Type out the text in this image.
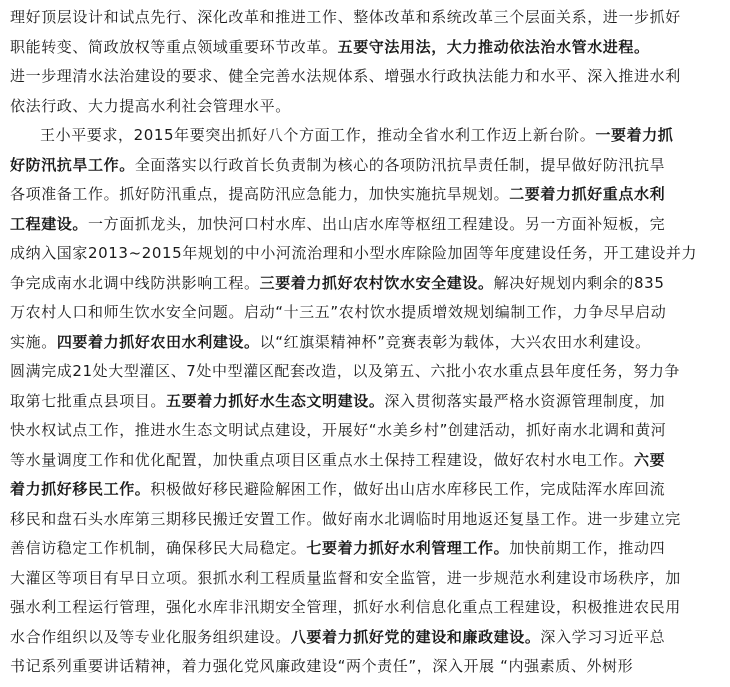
理好顶层设计和试点先行、深化改革和推进工作、整体改革和系统改革三个层面关系，进一步抓好
职能转变、简政放权等重点领域重要环节改革。五要守法用法，大力推动依法治水管水进程。
进一步理清水法治建设的要求、健全完善水法规体系、增强水行政执法能力和水平、深入推进水利
依法行政、大力提高水利社会管理水平。
王小平要求，2015年要突出抓好八个方面工作，推动全省水利工作迈上新台阶。一要着力抓
好防汛抗旱工作。全面落实以行政首长负责制为核心的各项防汛抗旱责任制，提早做好防汛抗旱
各项准备工作。抓好防汛重点，提高防汛应急能力，加快实施抗旱规划。二要着力抓好重点水利
工程建设。一方面抓龙头，加快河口村水库、出山店水库等枢纽工程建设。另一方面补短板，完
成纳入国家2013~2015年规划的中小河流治理和小型水库除险加固等年度建设任务，开工建设并力
争完成南水北调中线防洪影响工程。三要着力抓好农村饮水安全建设。解决好规划内剩余的835
万农村人口和师生饮水安全问题。启动“十三五”农村饮水提质增效规划编制工作，力争尽早启动
实施。四要着力抓好农田水利建设。以“红旗渠精神杯”竞赛表彰为载体，大兴农田水利建设。
圆满完成21处大型灌区、7处中型灌区配套改造，以及第五、六批小农水重点县年度任务，努力争
取第七批重点县项目。五要着力抓好水生态文明建设。深入贯彻落实最严格水资源管理制度，加
快水权试点工作，推进水生态文明试点建设，开展好“水美乡村”创建活动，抓好南水北调和黄河
等水量调度工作和优化配置，加快重点项目区重点水土保持工程建设，做好农村水电工作。六要
着力抓好移民工作。积极做好移民避险解困工作，做好出山店水库移民工作，完成陆浑水库回流
移民和盘石头水库第三期移民搬迁安置工作。做好南水北调临时用地返还复垦工作。进一步建立完
善信访稳定工作机制，确保移民大局稳定。七要着力抓好水利管理工作。加快前期工作，推动四
大灌区等项目有早日立项。狠抓水利工程质量监督和安全监管，进一步规范水利建设市场秩序，加
强水利工程运行管理，强化水库非汛期安全管理，抓好水利信息化重点工程建设，积极推进农民用
水合作组织以及等专业化服务组织建设。八要着力抓好党的建设和廉政建设。深入学习习近平总
书记系列重要讲话精神，着力强化党风廉政建设“两个责任”，深入开展 “内强素质、外树形
